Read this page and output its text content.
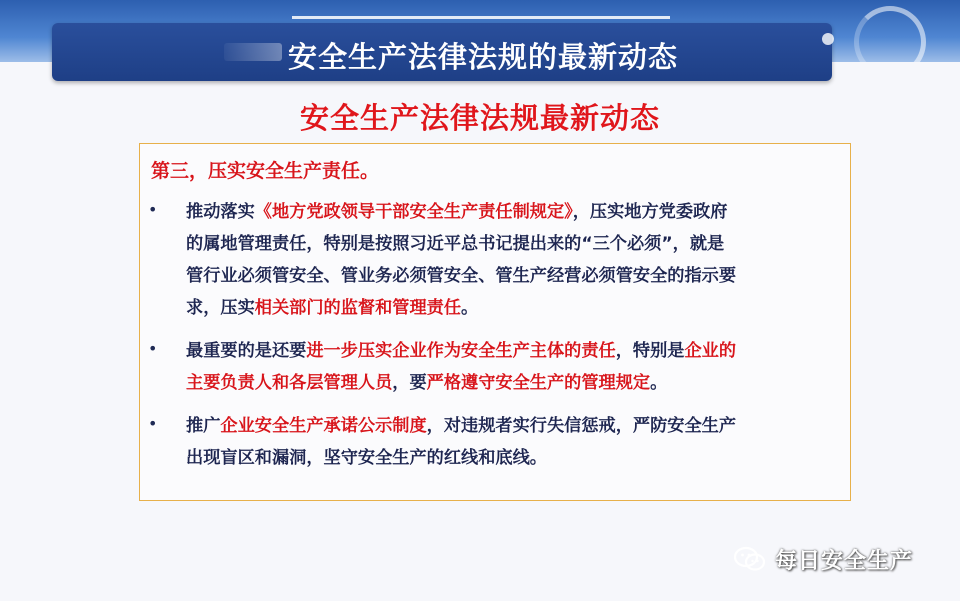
安全生产法律法规的最新动态
安全生产法律法规最新动态
第三，压实安全生产责任。
• 推动落实《地方党政领导干部安全生产责任制规定》，压实地方党委政府
的属地管理责任，特别是按照习近平总书记提出来的“三个必须”，就是
管行业必须管安全、管业务必须管安全、管生产经营必须管安全的指示要
求，压实相关部门的监督和管理责任。
• 最重要的是还要进一步压实企业作为安全生产主体的责任，特别是企业的
主要负责人和各层管理人员，要严格遵守安全生产的管理规定。
• 推广企业安全生产承诺公示制度，对违规者实行失信惩戒，严防安全生产
出现盲区和漏洞，坚守安全生产的红线和底线。
每日安全生产
